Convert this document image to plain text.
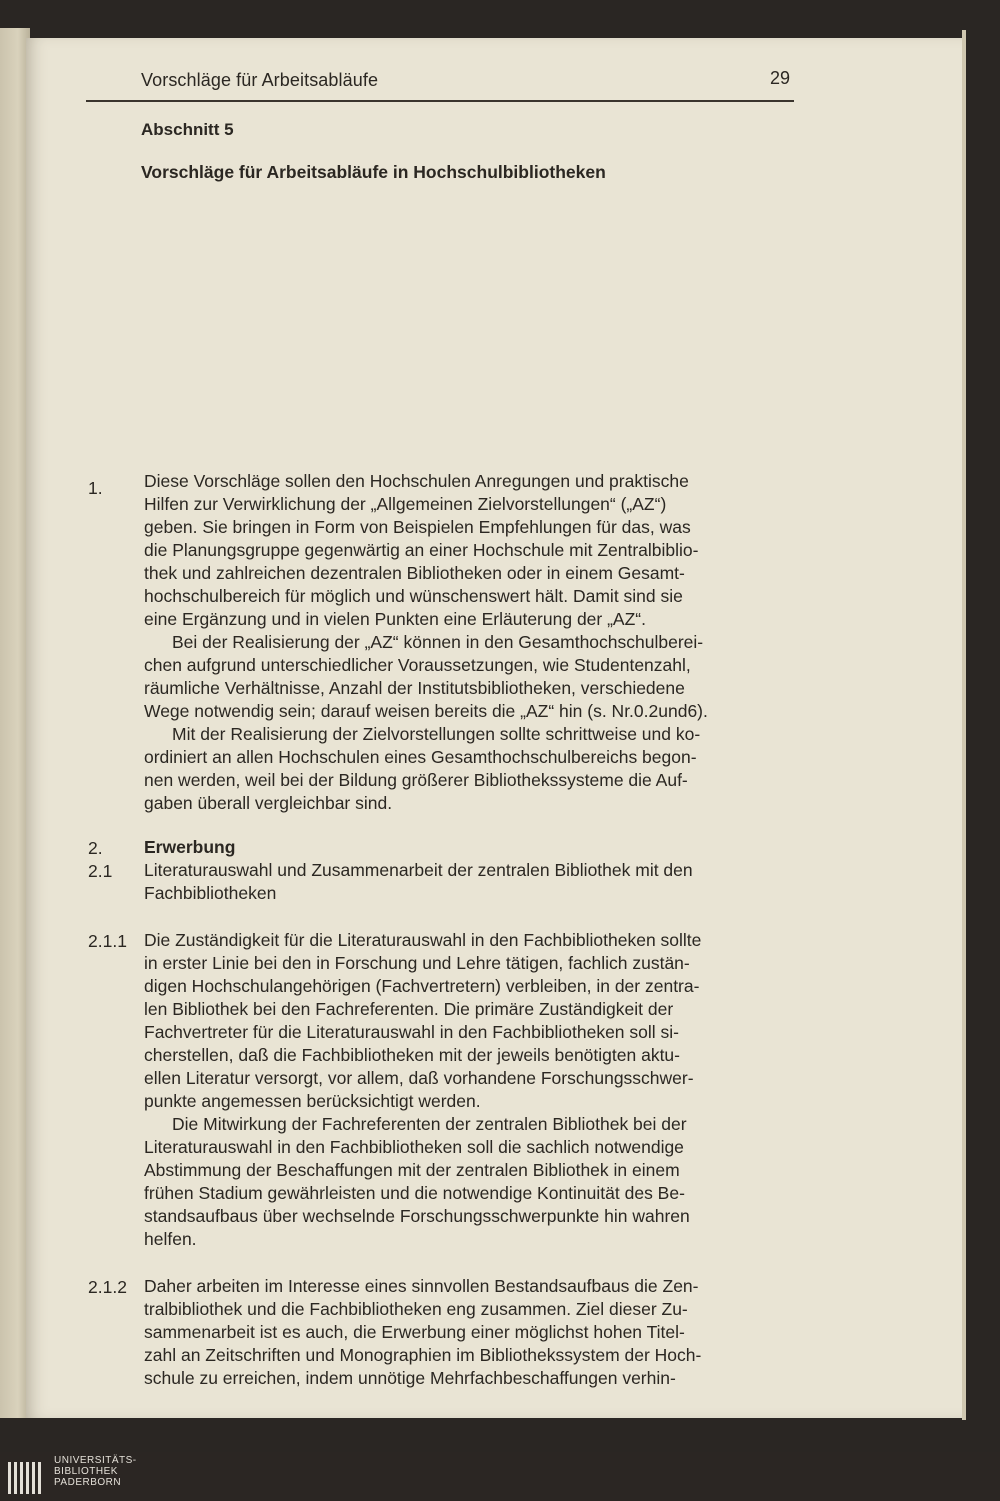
Vorschläge für Arbeitsabläufe	29
Abschnitt 5
Vorschläge für Arbeitsabläufe in Hochschulbibliotheken
1. Diese Vorschläge sollen den Hochschulen Anregungen und praktische
Hilfen zur Verwirklichung der „Allgemeinen Zielvorstellungen“ („AZ“)
geben. Sie bringen in Form von Beispielen Empfehlungen für das, was
die Planungsgruppe gegenwärtig an einer Hochschule mit Zentralbiblio-
thek und zahlreichen dezentralen Bibliotheken oder in einem Gesamt-
hochschulbereich für möglich und wünschenswert hält. Damit sind sie
eine Ergänzung und in vielen Punkten eine Erläuterung der „AZ“.
Bei der Realisierung der „AZ“ können in den Gesamthochschulberei-
chen aufgrund unterschiedlicher Voraussetzungen, wie Studentenzahl,
räumliche Verhältnisse, Anzahl der Institutsbibliotheken, verschiedene
Wege notwendig sein; darauf weisen bereits die „AZ“ hin (s. Nr.0.2und6).
Mit der Realisierung der Zielvorstellungen sollte schrittweise und ko-
ordiniert an allen Hochschulen eines Gesamthochschulbereichs begon-
nen werden, weil bei der Bildung größerer Bibliothekssysteme die Auf-
gaben überall vergleichbar sind.
2. Erwerbung
2.1 Literaturauswahl und Zusammenarbeit der zentralen Bibliothek mit den
Fachbibliotheken
2.1.1 Die Zuständigkeit für die Literaturauswahl in den Fachbibliotheken sollte
in erster Linie bei den in Forschung und Lehre tätigen, fachlich zustän-
digen Hochschulangehörigen (Fachvertretern) verbleiben, in der zentra-
len Bibliothek bei den Fachreferenten. Die primäre Zuständigkeit der
Fachvertreter für die Literaturauswahl in den Fachbibliotheken soll si-
cherstellen, daß die Fachbibliotheken mit der jeweils benötigten aktu-
ellen Literatur versorgt, vor allem, daß vorhandene Forschungsschwer-
punkte angemessen berücksichtigt werden.
Die Mitwirkung der Fachreferenten der zentralen Bibliothek bei der
Literaturauswahl in den Fachbibliotheken soll die sachlich notwendige
Abstimmung der Beschaffungen mit der zentralen Bibliothek in einem
frühen Stadium gewährleisten und die notwendige Kontinuität des Be-
standsaufbaus über wechselnde Forschungsschwerpunkte hin wahren
helfen.
2.1.2 Daher arbeiten im Interesse eines sinnvollen Bestandsaufbaus die Zen-
tralbibliothek und die Fachbibliotheken eng zusammen. Ziel dieser Zu-
sammenarbeit ist es auch, die Erwerbung einer möglichst hohen Titel-
zahl an Zeitschriften und Monographien im Bibliothekssystem der Hoch-
schule zu erreichen, indem unnötige Mehrfachbeschaffungen verhin-
UNIVERSITÄTS-
BIBLIOTHEK
PADERBORN
